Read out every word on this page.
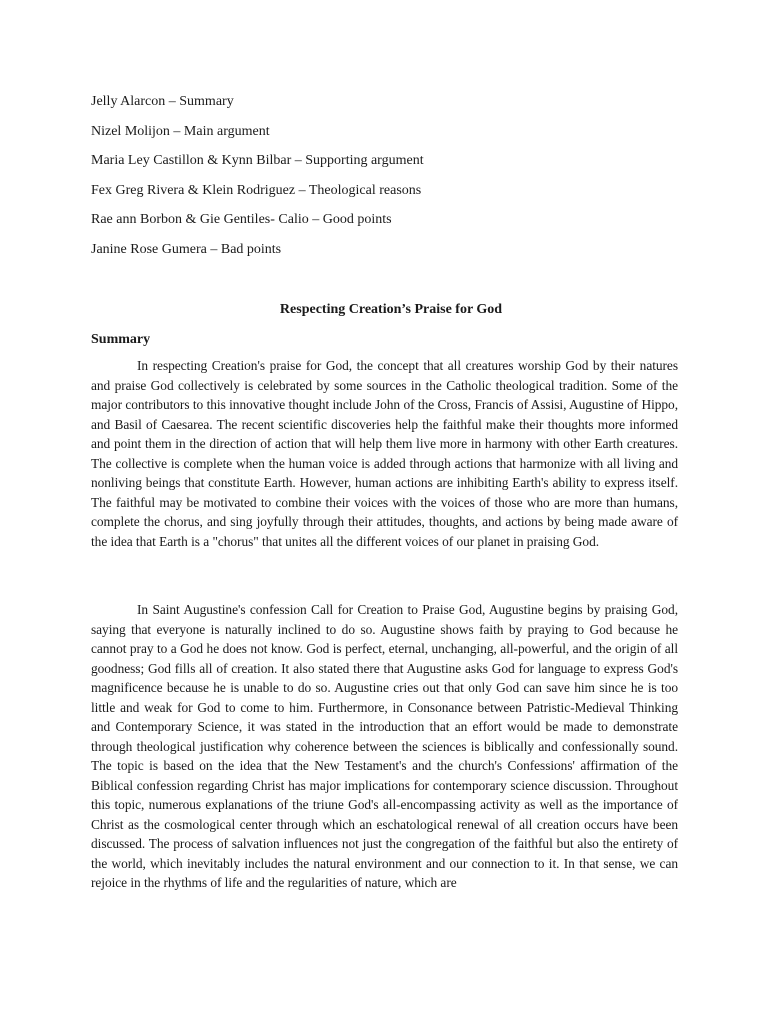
Jelly Alarcon – Summary
Nizel Molijon – Main argument
Maria Ley Castillon & Kynn Bilbar – Supporting argument
Fex Greg Rivera & Klein Rodriguez – Theological reasons
Rae ann Borbon & Gie Gentiles- Calio – Good points
Janine Rose Gumera – Bad points
Respecting Creation’s Praise for God
Summary

In respecting Creation's praise for God, the concept that all creatures worship God by their natures and praise God collectively is celebrated by some sources in the Catholic theological tradition. Some of the major contributors to this innovative thought include John of the Cross, Francis of Assisi, Augustine of Hippo, and Basil of Caesarea. The recent scientific discoveries help the faithful make their thoughts more informed and point them in the direction of action that will help them live more in harmony with other Earth creatures. The collective is complete when the human voice is added through actions that harmonize with all living and nonliving beings that constitute Earth. However, human actions are inhibiting Earth's ability to express itself. The faithful may be motivated to combine their voices with the voices of those who are more than humans, complete the chorus, and sing joyfully through their attitudes, thoughts, and actions by being made aware of the idea that Earth is a "chorus" that unites all the different voices of our planet in praising God.

In Saint Augustine's confession Call for Creation to Praise God, Augustine begins by praising God, saying that everyone is naturally inclined to do so. Augustine shows faith by praying to God because he cannot pray to a God he does not know. God is perfect, eternal, unchanging, all-powerful, and the origin of all goodness; God fills all of creation. It also stated there that Augustine asks God for language to express God's magnificence because he is unable to do so. Augustine cries out that only God can save him since he is too little and weak for God to come to him. Furthermore, in Consonance between Patristic-Medieval Thinking and Contemporary Science, it was stated in the introduction that an effort would be made to demonstrate through theological justification why coherence between the sciences is biblically and confessionally sound. The topic is based on the idea that the New Testament's and the church's Confessions' affirmation of the Biblical confession regarding Christ has major implications for contemporary science discussion. Throughout this topic, numerous explanations of the triune God's all-encompassing activity as well as the importance of Christ as the cosmological center through which an eschatological renewal of all creation occurs have been discussed. The process of salvation influences not just the congregation of the faithful but also the entirety of the world, which inevitably includes the natural environment and our connection to it. In that sense, we can rejoice in the rhythms of life and the regularities of nature, which are
